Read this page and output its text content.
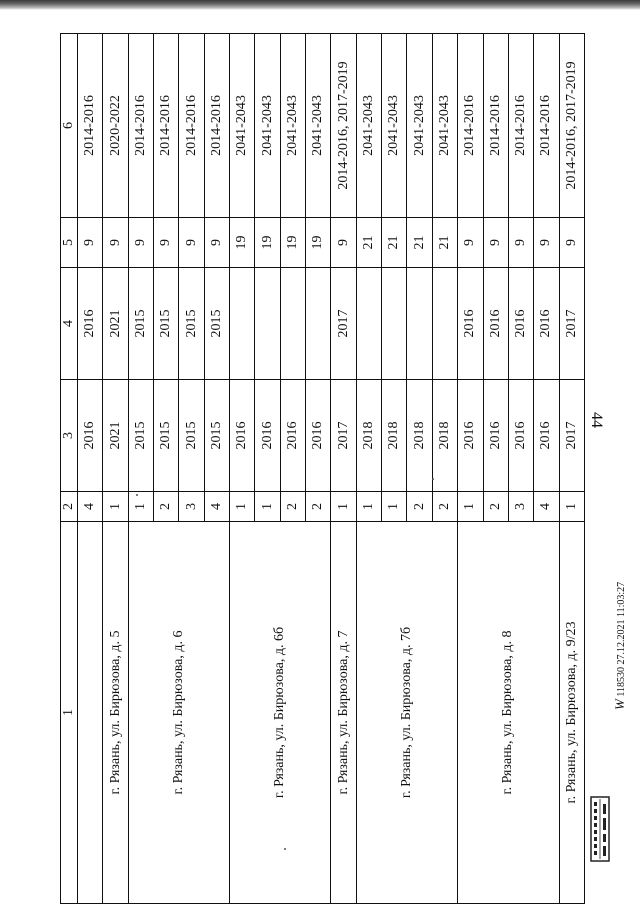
44
1	2	3	4	5	6
	4	2016	2016	9	2014-2016
г. Рязань, ул. Бирюзова, д. 5	1	2021	2021	9	2020-2022
г. Рязань, ул. Бирюзова, д. 6	1	2015	2015	9	2014-2016
	2	2015	2015	9	2014-2016
	3	2015	2015	9	2014-2016
	4	2015	2015	9	2014-2016
г. Рязань, ул. Бирюзова, д. 6б	1	2016		19	2041-2043
	1	2016		19	2041-2043
	2	2016		19	2041-2043
	2	2016		19	2041-2043
г. Рязань, ул. Бирюзова, д. 7	1	2017	2017	9	2014-2016, 2017-2019
г. Рязань, ул. Бирюзова, д. 7б	1	2018		21	2041-2043
	1	2018		21	2041-2043
	2	2018		21	2041-2043
	2	2018		21	2041-2043
г. Рязань, ул. Бирюзова, д. 8	1	2016	2016	9	2014-2016
	2	2016	2016	9	2014-2016
	3	2016	2016	9	2014-2016
	4	2016	2016	9	2014-2016
г. Рязань, ул. Бирюзова, д. 9/23	1	2017	2017	9	2014-2016, 2017-2019
W 118530 27.12.2021 11:03:27
